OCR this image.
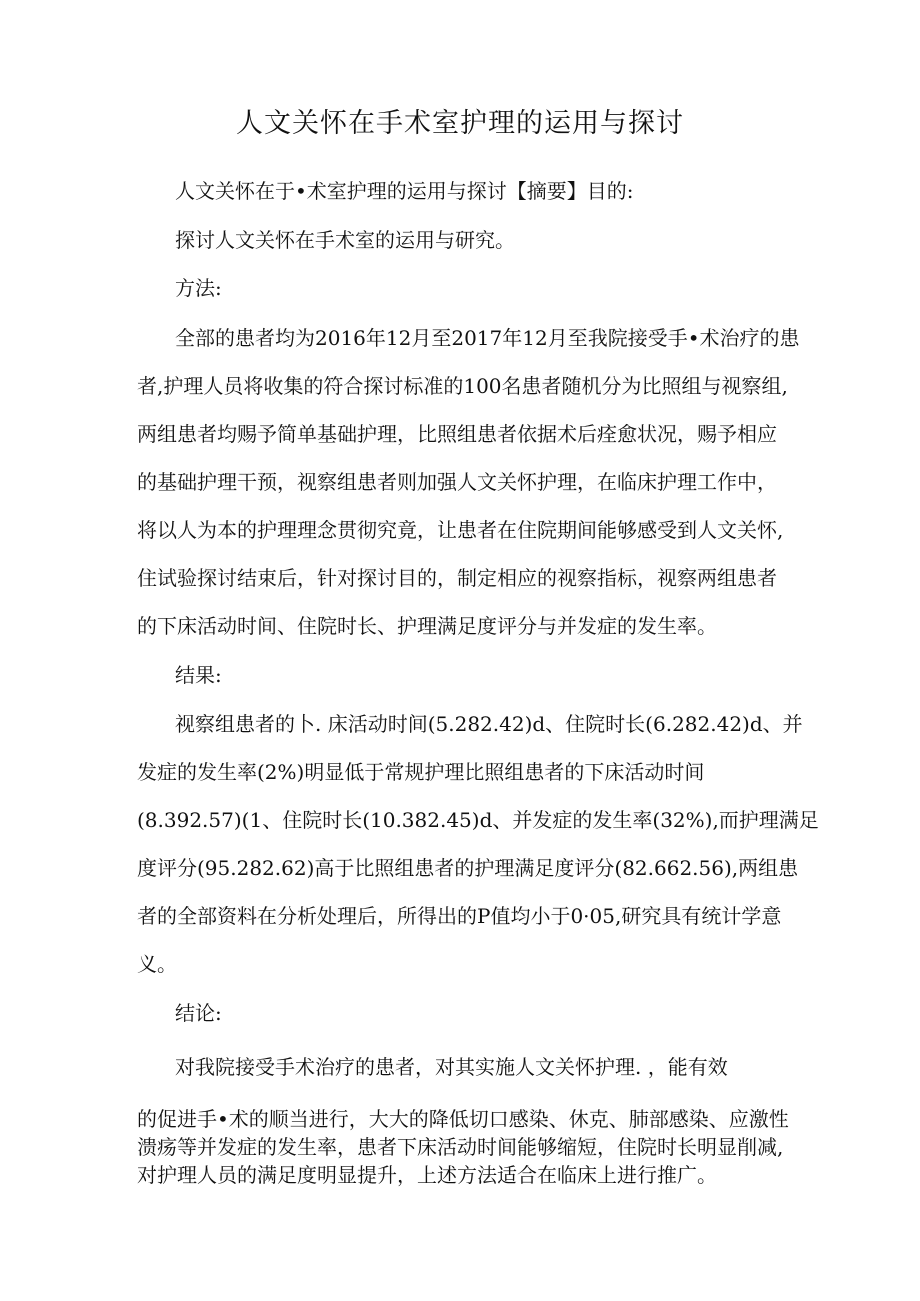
人文关怀在手术室护理的运用与探讨
人文关怀在于•术室护理的运用与探讨【摘要】目的:
探讨人文关怀在手术室的运用与研究。
方法:
全部的患者均为2016年12月至2017年12月至我院接受手•术治疗的患
者,护理人员将收集的符合探讨标准的100名患者随机分为比照组与视察组,
两组患者均赐予简单基础护理，比照组患者依据术后痊愈状况，赐予相应
的基础护理干预，视察组患者则加强人文关怀护理，在临床护理工作中，
将以人为本的护理理念贯彻究竟，让患者在住院期间能够感受到人文关怀,
住试验探讨结束后，针对探讨目的，制定相应的视察指标，视察两组患者
的下床活动时间、住院时长、护理满足度评分与并发症的发生率。
结果:
视察组患者的卜. 床活动时间(5.282.42)d、住院时长(6.282.42)d、并
发症的发生率(2%)明显低于常规护理比照组患者的下床活动时间
(8.392.57)(1、住院时长(10.382.45)d、并发症的发生率(32%),而护理满足
度评分(95.282.62)高于比照组患者的护理满足度评分(82.662.56),两组患
者的全部资料在分析处理后，所得出的P值均小于0·05,研究具有统计学意
义。
结论:
对我院接受手术治疗的患者，对其实施人文关怀护理. ，能有效
的促进手•术的顺当进行，大大的降低切口感染、休克、肺部感染、应激性
溃疡等并发症的发生率，患者下床活动时间能够缩短，住院时长明显削减,
对护理人员的满足度明显提升，上述方法适合在临床上进行推广。
